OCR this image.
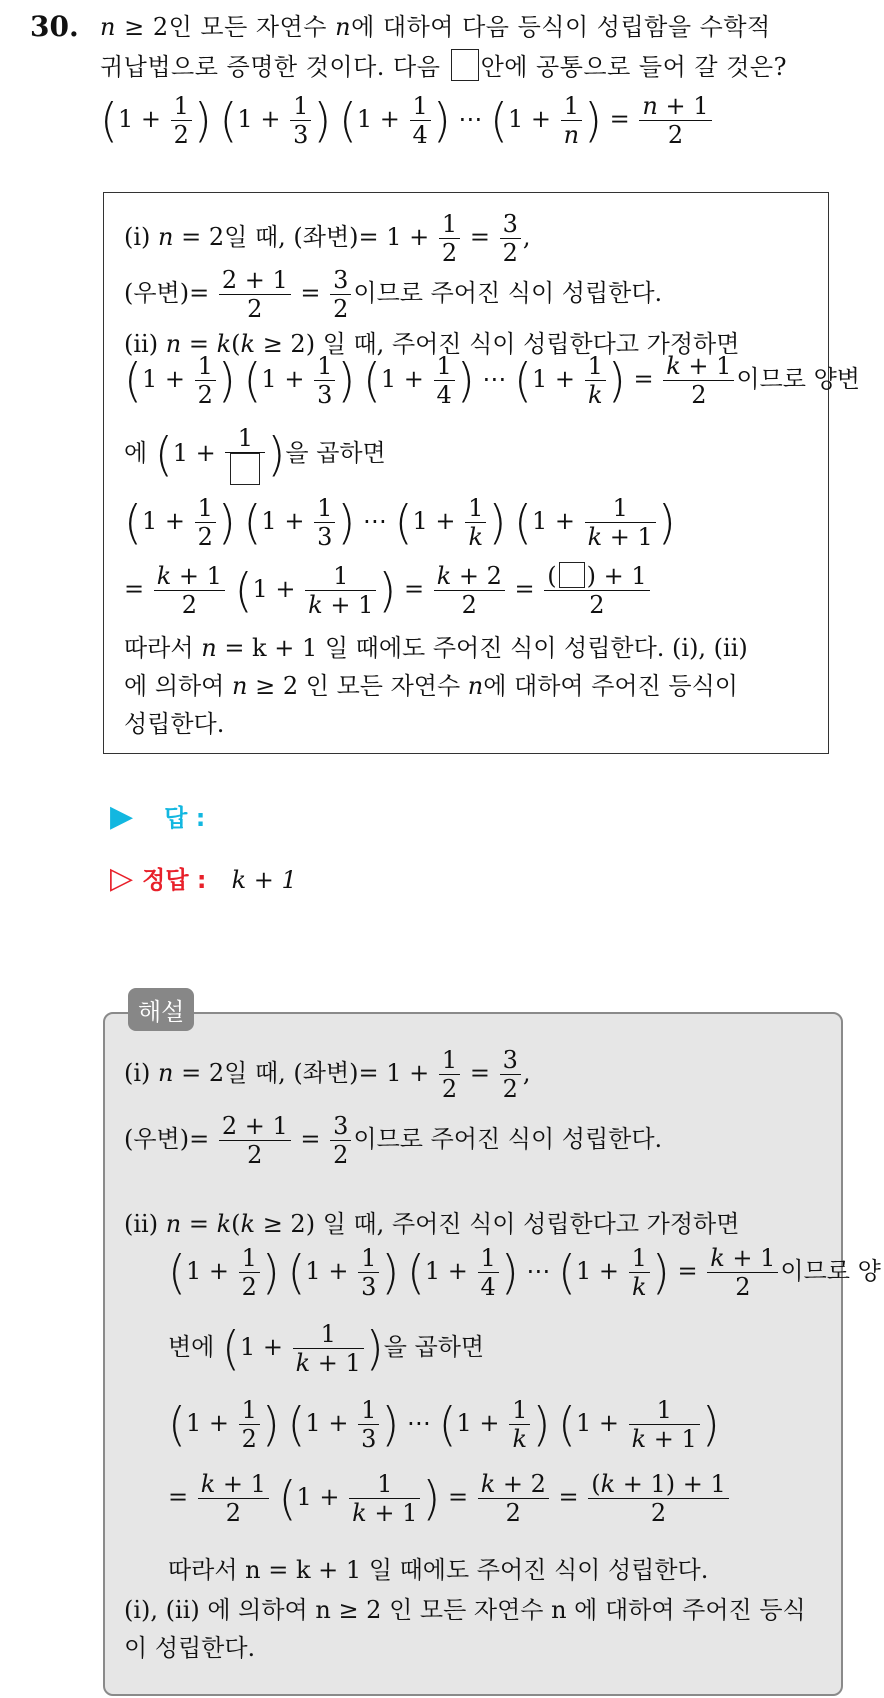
30. n ≥ 2인 모든 자연수 n에 대하여 다음 등식이 성립함을 수학적
귀납법으로 증명한 것이다. 다음 안에 공통으로 들어 갈 것은?
($1 + \frac{1}{2}$ ) ($1 + \frac{1}{3}$ ) ($1 + \frac{1}{4}$ ) ⋯ ($1 + \frac{1}{n}$ ) = $\frac{n + 1}{2}$
(i) n = 2일 때, (좌변)= $1 + \frac{1}{2} = \frac{3}{2}$ ,
(우변)= $\frac{2 + 1}{2} = \frac{3}{2}$ 이므로 주어진 식이 성립한다.
(ii) n = k(k ≥ 2) 일 때, 주어진 식이 성립한다고 가정하면
($1 + \frac{1}{2}$ ) ($1 + \frac{1}{3}$ ) ($1 + \frac{1}{4}$ ) ⋯ ($1 + \frac{1}{k}$ ) = $\frac{k + 1}{2}$ 이므로 양변
에 (1 +
1 )을 곱하면
($1 + \frac{1}{2}$ ) ($1 + \frac{1}{3}$ ) ⋯ ($1 + \frac{1}{k}$ ) ($1 + \frac{1}{k + 1}$ )
= $\frac{k + 1}{2} (1 + \frac{1}{k + 1}$ ) = $\frac{k + 2}{2} = \frac{( ) + 1}{2}$
따라서 n = k + 1 일 때에도 주어진 식이 성립한다. (i), (ii)
에 의하여 n ≥ 2 인 모든 자연수 n에 대하여 주어진 등식이
성립한다.
▶ 답 :
▷ 정답 : k + 1
해설
(i) n = 2일 때, (좌변)= $1 + \frac{1}{2} = \frac{3}{2}$ ,
(우변)= $\frac{2 + 1}{2} = \frac{3}{2}$ 이므로 주어진 식이 성립한다.
(ii) n = k(k ≥ 2) 일 때, 주어진 식이 성립한다고 가정하면
($1 + \frac{1}{2}$ ) ($1 + \frac{1}{3}$ ) ($1 + \frac{1}{4}$ ) ⋯ ($1 + \frac{1}{k}$ ) = $\frac{k + 1}{2}$ 이므로 양
변에 ($1 + \frac{1}{k + 1}$ )을 곱하면
($1 + \frac{1}{2}$ ) ($1 + \frac{1}{3}$ ) ⋯ ($1 + \frac{1}{k}$ ) ($1 + \frac{1}{k + 1}$ )
= $\frac{k + 1}{2} (1 + \frac{1}{k + 1}$ ) = $\frac{k + 2}{2} = \frac{(k + 1) + 1}{2}$
따라서 n = k + 1 일 때에도 주어진 식이 성립한다.
(i), (ii) 에 의하여 n ≥ 2 인 모든 자연수 n 에 대하여 주어진 등식
이 성립한다.
